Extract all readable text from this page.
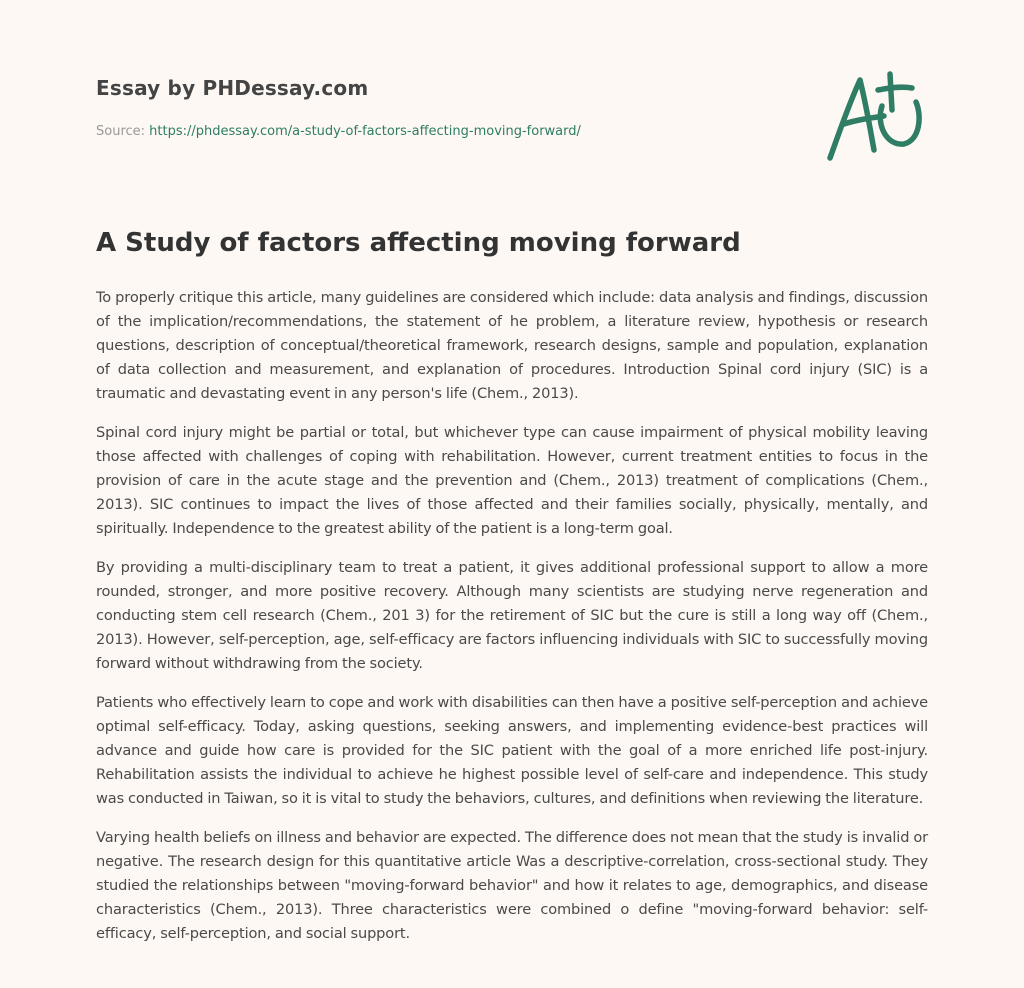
Essay by PHDessay.com
Source: https://phdessay.com/a-study-of-factors-affecting-moving-forward/
A Study of factors affecting moving forward

To properly critique this article, many guidelines are considered which include: data analysis and findings, discussion of the implication/recommendations, the statement of he problem, a literature review, hypothesis or research questions, description of conceptual/theoretical framework, research designs, sample and population, explanation of data collection and measurement, and explanation of procedures. Introduction Spinal cord injury (SIC) is a traumatic and devastating event in any person's life (Chem., 2013).

Spinal cord injury might be partial or total, but whichever type can cause impairment of physical mobility leaving those affected with challenges of coping with rehabilitation. However, current treatment entities to focus in the provision of care in the acute stage and the prevention and (Chem., 2013) treatment of complications (Chem., 2013). SIC continues to impact the lives of those affected and their families socially, physically, mentally, and spiritually. Independence to the greatest ability of the patient is a long-term goal.

By providing a multi-disciplinary team to treat a patient, it gives additional professional support to allow a more rounded, stronger, and more positive recovery. Although many scientists are studying nerve regeneration and conducting stem cell research (Chem., 201 3) for the retirement of SIC but the cure is still a long way off (Chem., 2013). However, self-perception, age, self-efficacy are factors influencing individuals with SIC to successfully moving forward without withdrawing from the society.

Patients who effectively learn to cope and work with disabilities can then have a positive self-perception and achieve optimal self-efficacy. Today, asking questions, seeking answers, and implementing evidence-best practices will advance and guide how care is provided for the SIC patient with the goal of a more enriched life post-injury. Rehabilitation assists the individual to achieve he highest possible level of self-care and independence. This study was conducted in Taiwan, so it is vital to study the behaviors, cultures, and definitions when reviewing the literature.

Varying health beliefs on illness and behavior are expected. The difference does not mean that the study is invalid or negative. The research design for this quantitative article Was a descriptive-correlation, cross-sectional study. They studied the relationships between "moving-forward behavior" and how it relates to age, demographics, and disease characteristics (Chem., 2013). Three characteristics were combined o define "moving-forward behavior: self-efficacy, self-perception, and social support.
